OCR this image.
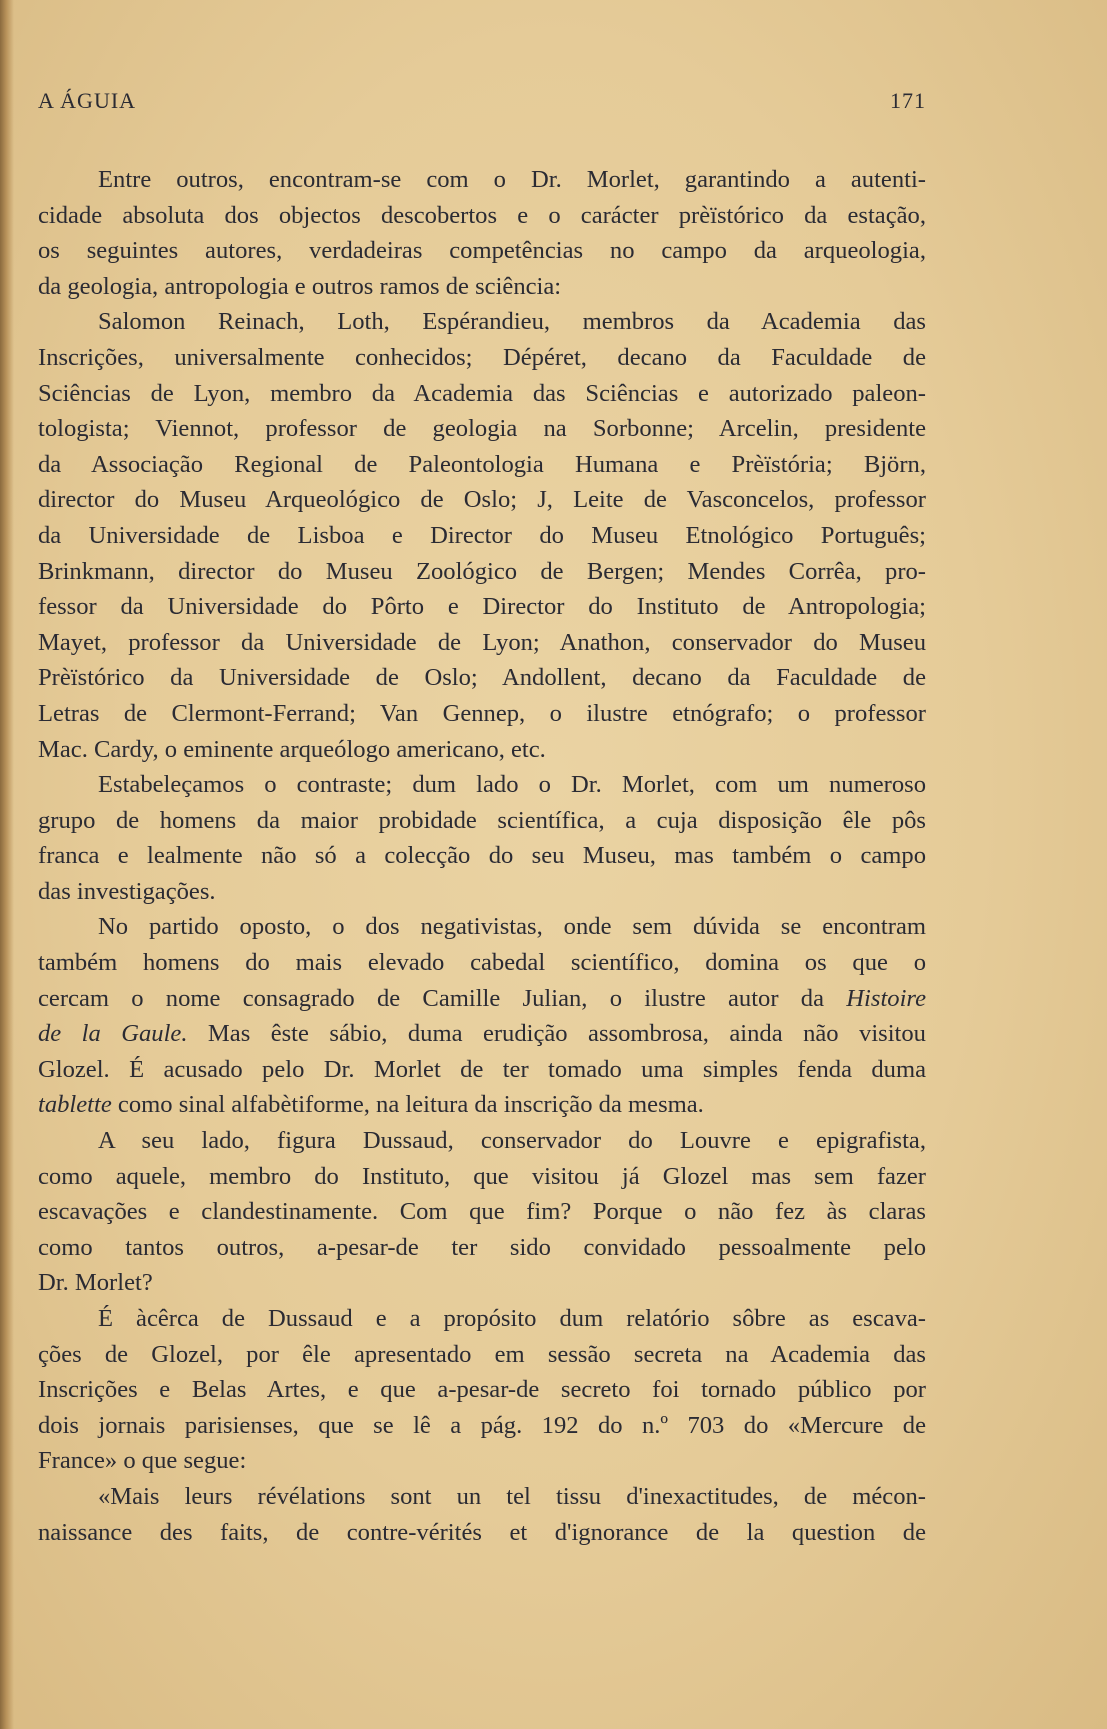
A ÁGUIA	171
Entre outros, encontram-se com o Dr. Morlet, garantindo a autenti-
cidade absoluta dos objectos descobertos e o carácter prèïstórico da estação,
os seguintes autores, verdadeiras competências no campo da arqueologia,
da geologia, antropologia e outros ramos de sciência:
Salomon Reinach, Loth, Espérandieu, membros da Academia das
Inscrições, universalmente conhecidos; Dépéret, decano da Faculdade de
Sciências de Lyon, membro da Academia das Sciências e autorizado paleon-
tologista; Viennot, professor de geologia na Sorbonne; Arcelin, presidente
da Associação Regional de Paleontologia Humana e Prèïstória; Björn,
director do Museu Arqueológico de Oslo; J, Leite de Vasconcelos, professor
da Universidade de Lisboa e Director do Museu Etnológico Português;
Brinkmann, director do Museu Zoológico de Bergen; Mendes Corrêa, pro-
fessor da Universidade do Pôrto e Director do Instituto de Antropologia;
Mayet, professor da Universidade de Lyon; Anathon, conservador do Museu
Prèïstórico da Universidade de Oslo; Andollent, decano da Faculdade de
Letras de Clermont-Ferrand; Van Gennep, o ilustre etnógrafo; o professor
Mac. Cardy, o eminente arqueólogo americano, etc.
Estabeleçamos o contraste; dum lado o Dr. Morlet, com um numeroso
grupo de homens da maior probidade scientífica, a cuja disposição êle pôs
franca e lealmente não só a colecção do seu Museu, mas também o campo
das investigações.
No partido oposto, o dos negativistas, onde sem dúvida se encontram
também homens do mais elevado cabedal scientífico, domina os que o
cercam o nome consagrado de Camille Julian, o ilustre autor da Histoire
de la Gaule. Mas êste sábio, duma erudição assombrosa, ainda não visitou
Glozel. É acusado pelo Dr. Morlet de ter tomado uma simples fenda duma
tablette como sinal alfabètiforme, na leitura da inscrição da mesma.
A seu lado, figura Dussaud, conservador do Louvre e epigrafista,
como aquele, membro do Instituto, que visitou já Glozel mas sem fazer
escavações e clandestinamente. Com que fim? Porque o não fez às claras
como tantos outros, a-pesar-de ter sido convidado pessoalmente pelo
Dr. Morlet?
É àcêrca de Dussaud e a propósito dum relatório sôbre as escava-
ções de Glozel, por êle apresentado em sessão secreta na Academia das
Inscrições e Belas Artes, e que a-pesar-de secreto foi tornado público por
dois jornais parisienses, que se lê a pág. 192 do n.º 703 do «Mercure de
France» o que segue:
«Mais leurs révélations sont un tel tissu d'inexactitudes, de mécon-
naissance des faits, de contre-vérités et d'ignorance de la question de
